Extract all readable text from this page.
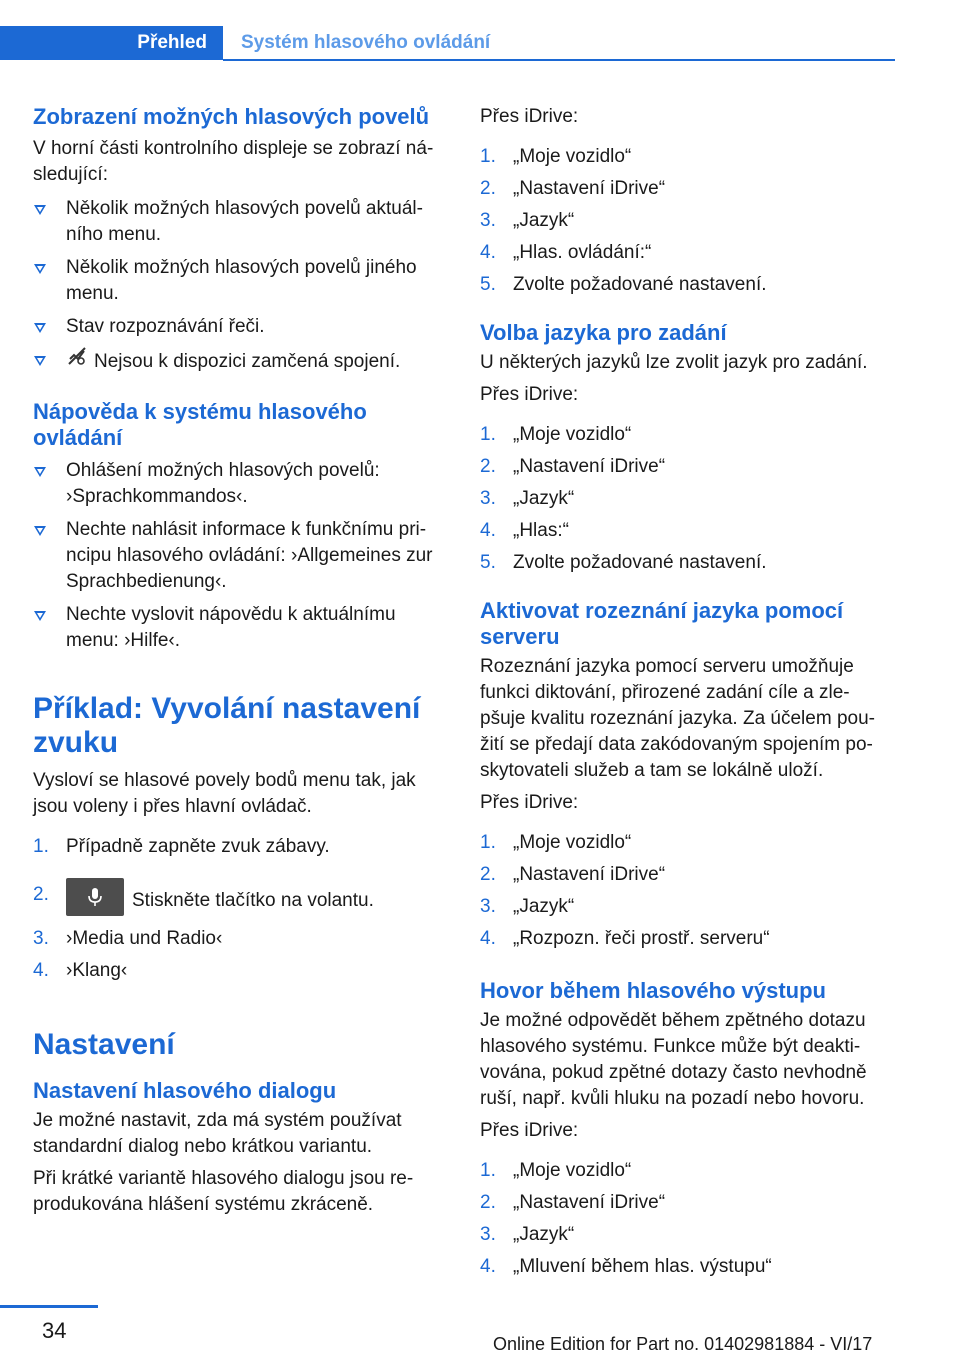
Přehled Systém hlasového ovládání
Zobrazení možných hlasových povelů

V horní části kontrolního displeje se zobrazí ná‐ sledující:

Několik možných hlasových povelů aktuál‐ ního menu.
Několik možných hlasových povelů jiného menu.
Stav rozpoznávání řeči.
Nejsou k dispozici zamčená spojení.
Nápověda k systému hlasového ovládání
Ohlášení možných hlasových povelů: ›Sprachkommandos‹.
Nechte nahlásit informace k funkčnímu pri‐ ncipu hlasového ovládání: ›Allgemeines zur Sprachbedienung‹.
Nechte vyslovit nápovědu k aktuálnímu menu: ›Hilfe‹.
Příklad: Vyvolání nastavení zvuku

Vysloví se hlasové povely bodů menu tak, jak jsou voleny i přes hlavní ovládač.

1. Případně zapněte zvuk zábavy.
2.	Stiskněte tlačítko na volantu.
3. ›Media und Radio‹
4. ›Klang‹
Nastavení
Nastavení hlasového dialogu

Je možné nastavit, zda má systém používat standardní dialog nebo krátkou variantu.

Při krátké variantě hlasového dialogu jsou re‐ produkována hlášení systému zkráceně.

Přes iDrive:

1. „Moje vozidlo“
2. „Nastavení iDrive“
3. „Jazyk“
4. „Hlas. ovládání:“
5. Zvolte požadované nastavení.
Volba jazyka pro zadání

U některých jazyků lze zvolit jazyk pro zadání.

Přes iDrive:

1. „Moje vozidlo“
2. „Nastavení iDrive“
3. „Jazyk“
4. „Hlas:“
5. Zvolte požadované nastavení.
Aktivovat rozeznání jazyka pomocí serveru

Rozeznání jazyka pomocí serveru umožňuje funkci diktování, přirozené zadání cíle a zle‐ pšuje kvalitu rozeznání jazyka. Za účelem pou‐ žití se předají data zakódovaným spojením po‐ skytovateli služeb a tam se lokálně uloží.

Přes iDrive:

1. „Moje vozidlo“
2. „Nastavení iDrive“
3. „Jazyk“
4. „Rozpozn. řeči prostř. serveru“
Hovor během hlasového výstupu

Je možné odpovědět během zpětného dotazu hlasového systému. Funkce může být deakti‐ vována, pokud zpětné dotazy často nevhodně ruší, např. kvůli hluku na pozadí nebo hovoru.

Přes iDrive:

1. „Moje vozidlo“
2. „Nastavení iDrive“
3. „Jazyk“
4. „Mluvení během hlas. výstupu“
34
Online Edition for Part no. 01402981884 - VI/17
